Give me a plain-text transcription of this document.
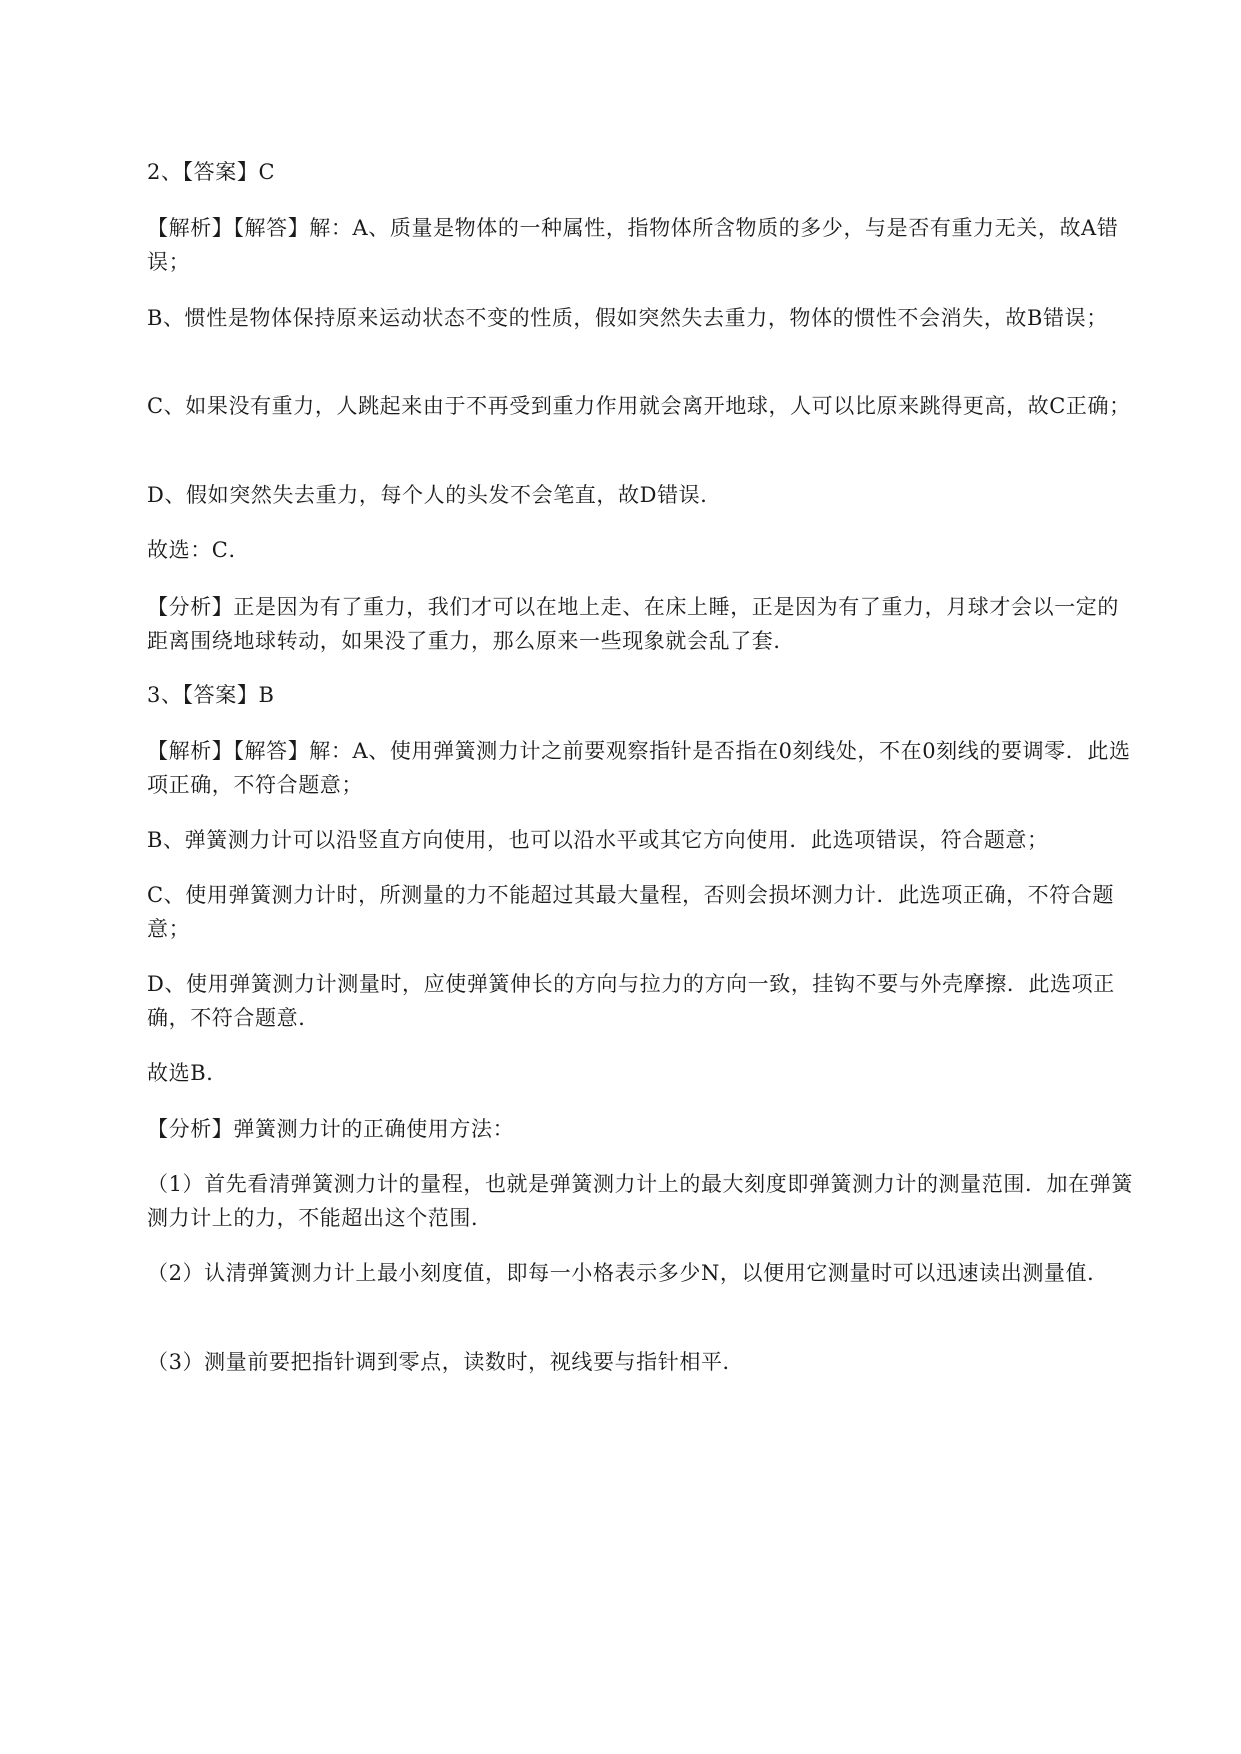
2、【答案】C
【解析】【解答】解：A、质量是物体的一种属性，指物体所含物质的多少，与是否有重力无关，故A错误；
B、惯性是物体保持原来运动状态不变的性质，假如突然失去重力，物体的惯性不会消失，故B错误；
C、如果没有重力，人跳起来由于不再受到重力作用就会离开地球，人可以比原来跳得更高，故C正确；
D、假如突然失去重力，每个人的头发不会笔直，故D错误．
故选：C．
【分析】正是因为有了重力，我们才可以在地上走、在床上睡，正是因为有了重力，月球才会以一定的距离围绕地球转动，如果没了重力，那么原来一些现象就会乱了套．
3、【答案】B
【解析】【解答】解：A、使用弹簧测力计之前要观察指针是否指在0刻线处，不在0刻线的要调零．此选项正确，不符合题意；
B、弹簧测力计可以沿竖直方向使用，也可以沿水平或其它方向使用．此选项错误，符合题意；
C、使用弹簧测力计时，所测量的力不能超过其最大量程，否则会损坏测力计．此选项正确，不符合题意；
D、使用弹簧测力计测量时，应使弹簧伸长的方向与拉力的方向一致，挂钩不要与外壳摩擦．此选项正确，不符合题意．
故选B．
【分析】弹簧测力计的正确使用方法：
（1）首先看清弹簧测力计的量程，也就是弹簧测力计上的最大刻度即弹簧测力计的测量范围．加在弹簧测力计上的力，不能超出这个范围．
（2）认清弹簧测力计上最小刻度值，即每一小格表示多少N，以便用它测量时可以迅速读出测量值．
（3）测量前要把指针调到零点，读数时，视线要与指针相平．
